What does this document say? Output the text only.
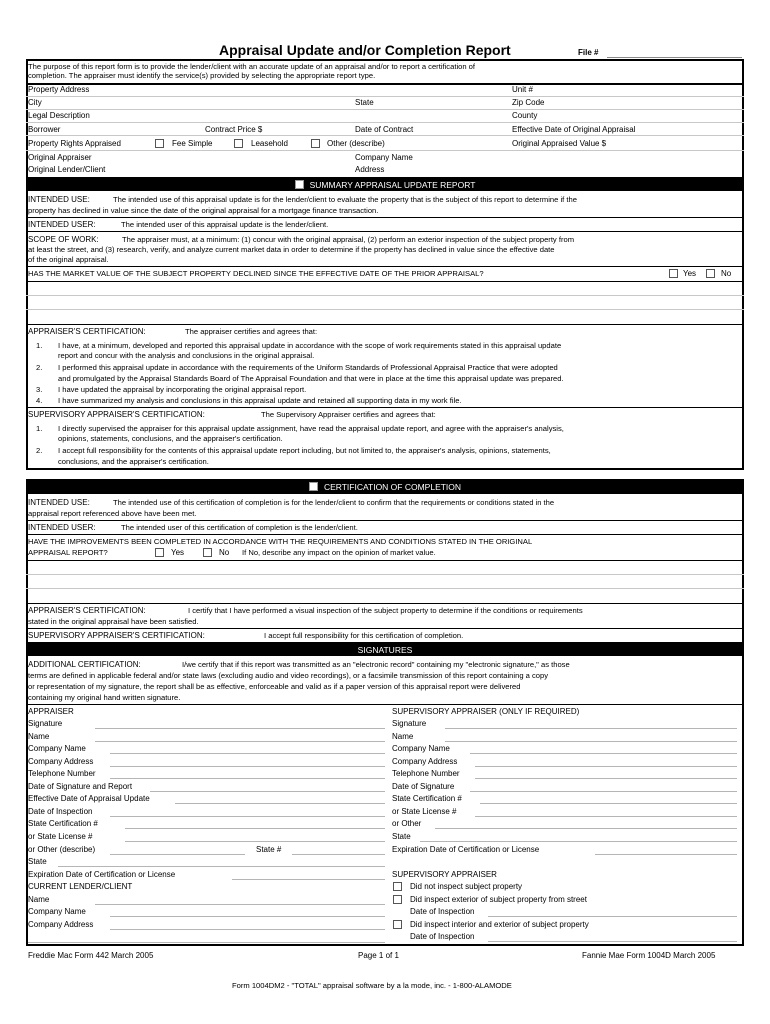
Appraisal Update and/or Completion Report	File #
The purpose of this report form is to provide the lender/client with an accurate update of an appraisal and/or to report a certification of
completion. The appraiser must identify the service(s) provided by selecting the appropriate report type.
Property Address	Unit #
City	State	Zip Code
Legal Description	County
Borrower	Contract Price $	Date of Contract	Effective Date of Original Appraisal
Property Rights Appraised	Fee Simple	Leasehold	Other (describe)	Original Appraised Value $
Original Appraiser	Company Name
Original Lender/Client	Address
SUMMARY APPRAISAL UPDATE REPORT
INTENDED USE:	The intended use of this appraisal update is for the lender/client to evaluate the property that is the subject of this report to determine if the
property has declined in value since the date of the original appraisal for a mortgage finance transaction.
INTENDED USER:	The intended user of this appraisal update is the lender/client.
SCOPE OF WORK:	The appraiser must, at a minimum: (1) concur with the original appraisal, (2) perform an exterior inspection of the subject property from
at least the street, and (3) research, verify, and analyze current market data in order to determine if the property has declined in value since the effective date
of the original appraisal.
HAS THE MARKET VALUE OF THE SUBJECT PROPERTY DECLINED SINCE THE EFFECTIVE DATE OF THE PRIOR APPRAISAL?	Yes	No
APPRAISER'S CERTIFICATION:	The appraiser certifies and agrees that:
1. I have, at a minimum, developed and reported this appraisal update in accordance with the scope of work requirements stated in this appraisal update
report and concur with the analysis and conclusions in the original appraisal.
2. I performed this appraisal update in accordance with the requirements of the Uniform Standards of Professional Appraisal Practice that were adopted
and promulgated by the Appraisal Standards Board of The Appraisal Foundation and that were in place at the time this appraisal update was prepared.
3. I have updated the appraisal by incorporating the original appraisal report.
4. I have summarized my analysis and conclusions in this appraisal update and retained all supporting data in my work file.
SUPERVISORY APPRAISER'S CERTIFICATION:	The Supervisory Appraiser certifies and agrees that:
1. I directly supervised the appraiser for this appraisal update assignment, have read the appraisal update report, and agree with the appraiser's analysis,
opinions, statements, conclusions, and the appraiser's certification.
2. I accept full responsibility for the contents of this appraisal update report including, but not limited to, the appraiser's analysis, opinions, statements,
conclusions, and the appraiser's certification.
CERTIFICATION OF COMPLETION
INTENDED USE:	The intended use of this certification of completion is for the lender/client to confirm that the requirements or conditions stated in the
appraisal report referenced above have been met.
INTENDED USER:	The intended user of this certification of completion is the lender/client.
HAVE THE IMPROVEMENTS BEEN COMPLETED IN ACCORDANCE WITH THE REQUIREMENTS AND CONDITIONS STATED IN THE ORIGINAL
APPRAISAL REPORT?	Yes	No If No, describe any impact on the opinion of market value.
APPRAISER'S CERTIFICATION:	I certify that I have performed a visual inspection of the subject property to determine if the conditions or requirements
stated in the original appraisal have been satisfied.
SUPERVISORY APPRAISER'S CERTIFICATION:	I accept full responsibility for this certification of completion.
SIGNATURES
ADDITIONAL CERTIFICATION:	I/we certify that if this report was transmitted as an "electronic record" containing my "electronic signature," as those
terms are defined in applicable federal and/or state laws (excluding audio and video recordings), or a facsimile transmission of this report containing a copy
or representation of my signature, the report shall be as effective, enforceable and valid as if a paper version of this appraisal report were delivered
containing my original hand written signature.
APPRAISER
Signature
Name
Company Name
Company Address
Telephone Number
Date of Signature and Report
Effective Date of Appraisal Update
Date of Inspection
State Certification #
or State License #
or Other (describe)	State #
State
Expiration Date of Certification or License
CURRENT LENDER/CLIENT
Name
Company Name
Company Address
SUPERVISORY APPRAISER (ONLY IF REQUIRED)
Signature
Name
Company Name
Company Address
Telephone Number
Date of Signature
State Certification #
or State License #
or Other
State
Expiration Date of Certification or License
SUPERVISORY APPRAISER
Did not inspect subject property
Did inspect exterior of subject property from street
Date of Inspection
Did inspect interior and exterior of subject property
Date of Inspection
Freddie Mac Form 442 March 2005	Page 1 of 1	Fannie Mae Form 1004D March 2005
Form 1004DM2 - "TOTAL" appraisal software by a la mode, inc. - 1-800-ALAMODE
